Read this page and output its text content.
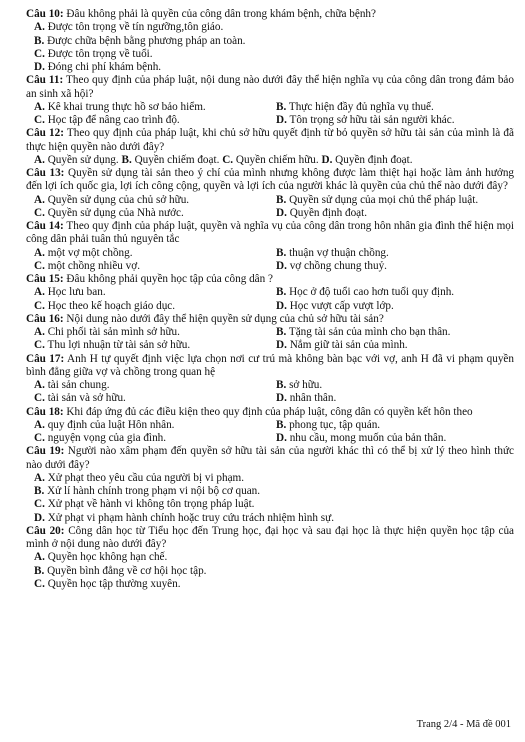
Câu 10: Đâu không phải là quyền của công dân trong khám bệnh, chữa bệnh?
A. Được tôn trọng về tín ngưỡng,tôn giáo.
B. Được chữa bệnh bằng phương pháp an toàn.
C. Được tôn trọng về tuổi.
D. Đóng chi phí khám bệnh.
Câu 11: Theo quy định của pháp luật, nội dung nào dưới đây thể hiện nghĩa vụ của công dân trong đảm bảo an sinh xã hội?
A. Kê khai trung thực hồ sơ bảo hiểm.	B. Thực hiện đầy đủ nghĩa vụ thuế.
C. Học tập để nâng cao trình độ.	D. Tôn trọng sở hữu tài sản người khác.
Câu 12: Theo quy định của pháp luật, khi chủ sở hữu quyết định từ bỏ quyền sở hữu tài sản của mình là đã thực hiện quyền nào dưới đây?
A. Quyền sử dụng. B. Quyền chiếm đoạt. C. Quyền chiếm hữu. D. Quyền định đoạt.
Câu 13: Quyền sử dụng tài sản theo ý chí của mình nhưng không được làm thiệt hại hoặc làm ảnh hưởng đến lợi ích quốc gia, lợi ích công cộng, quyền và lợi ích của người khác là quyền của chủ thể nào dưới đây?
A. Quyền sử dụng của chủ sở hữu.	B. Quyền sử dụng của mọi chủ thể pháp luật.
C. Quyền sử dụng của Nhà nước.	D. Quyền định đoạt.
Câu 14: Theo quy định của pháp luật, quyền và nghĩa vụ của công dân trong hôn nhân gia đình thể hiện mọi công dân phải tuân thủ nguyên tắc
A. một vợ một chồng.	B. thuận vợ thuận chồng.
C. một chồng nhiều vợ.	D. vợ chồng chung thuỷ.
Câu 15: Đâu không phải quyền học tập của công dân ?
A. Học lưu ban.	B. Học ở độ tuổi cao hơn tuổi quy định.
C. Học theo kế hoạch giáo dục.	D. Học vượt cấp vượt lớp.
Câu 16: Nội dung nào dưới đây thể hiện quyền sử dụng của chủ sở hữu tài sản?
A. Chi phối tài sản mình sở hữu.	B. Tặng tài sản của mình cho bạn thân.
C. Thu lợi nhuận từ tài sản sở hữu.	D. Nắm giữ tài sản của mình.
Câu 17: Anh H tự quyết định việc lựa chọn nơi cư trú mà không bàn bạc với vợ, anh H đã vi phạm quyền bình đẳng giữa vợ và chồng trong quan hệ
A. tài sản chung.	B. sở hữu.
C. tài sản và sở hữu.	D. nhân thân.
Câu 18: Khi đáp ứng đủ các điều kiện theo quy định của pháp luật, công dân có quyền kết hôn theo
A. quy định của luật Hôn nhân.	B. phong tục, tập quán.
C. nguyện vọng của gia đình.	D. nhu cầu, mong muốn của bản thân.
Câu 19: Người nào xâm phạm đến quyền sở hữu tài sản của người khác thì có thể bị xử lý theo hình thức nào dưới đây?
A. Xử phạt theo yêu cầu của người bị vi phạm.
B. Xử lí hành chính trong phạm vi nội bộ cơ quan.
C. Xử phạt về hành vi không tôn trọng pháp luật.
D. Xử phạt vi phạm hành chính hoặc truy cứu trách nhiệm hình sự.
Câu 20: Công dân học từ Tiểu học đến Trung học, đại học và sau đại học là thực hiện quyền học tập của mình ở nội dung nào dưới đây?
A. Quyền học không hạn chế.
B. Quyền bình đẳng về cơ hội học tập.
C. Quyền học tập thường xuyên.
Trang 2/4 - Mã đề 001
